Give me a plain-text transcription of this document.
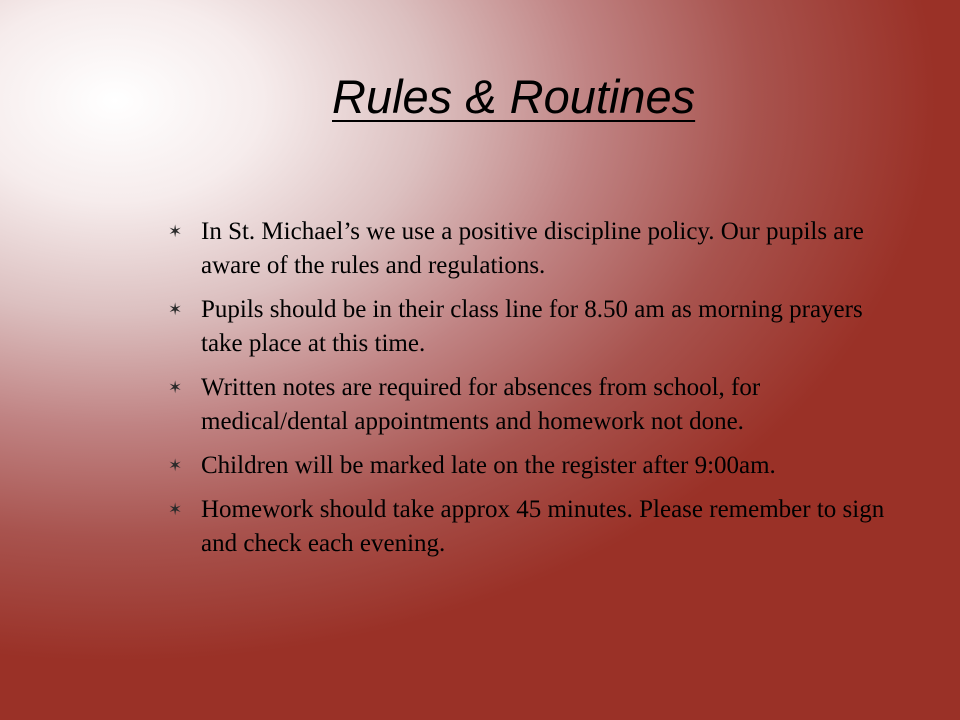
Rules & Routines
✶ In St. Michael’s we use a positive discipline policy. Our pupils are aware of the rules and regulations.
✶ Pupils should be in their class line for 8.50 am as morning prayers take place at this time.
✶ Written notes are required for absences from school, for medical/dental appointments and homework not done.
✶ Children will be marked late on the register after 9:00am.
✶ Homework should take approx 45 minutes. Please remember to sign and check each evening.
